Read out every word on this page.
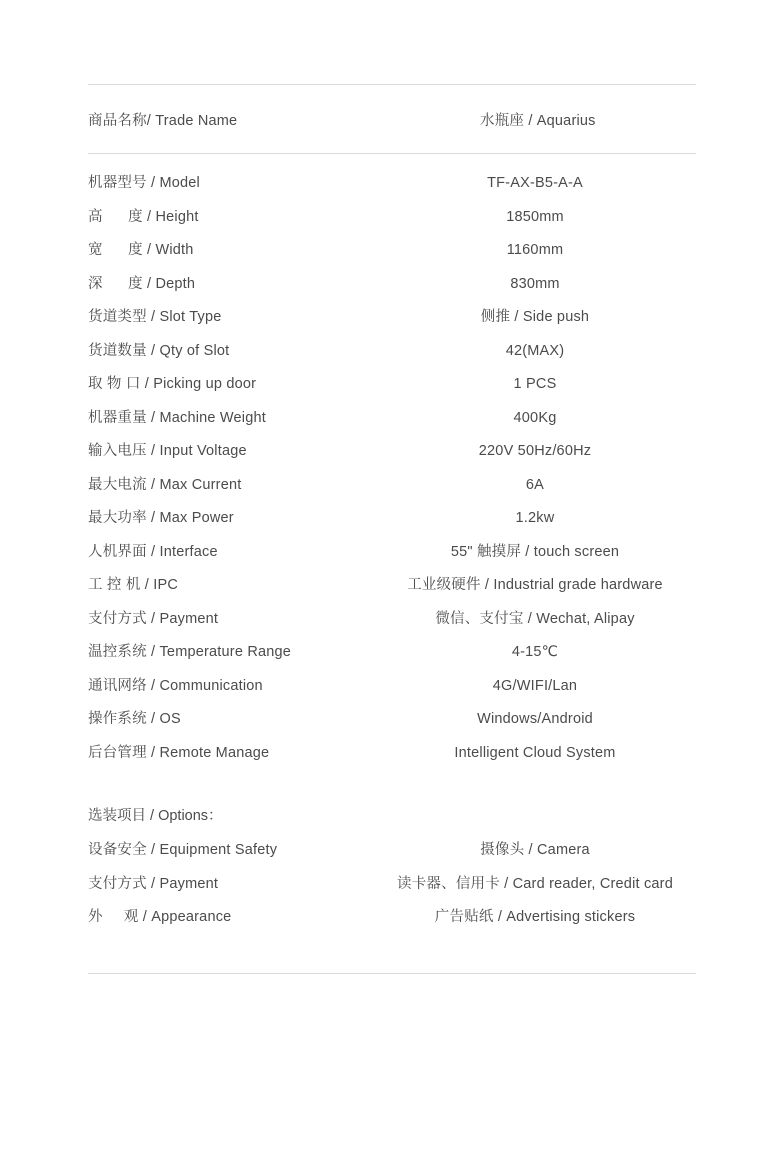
商品名称/ Trade Name	水瓶座 / Aquarius
机器型号 / Model	TF-AX-B5-A-A
高      度 / Height	1850mm
宽      度 / Width	1160mm
深      度 / Depth	830mm
货道类型 / Slot Type	侧推 / Side push
货道数量 / Qty of Slot	42(MAX)
取 物 口 / Picking up door	1 PCS
机器重量 / Machine Weight	400Kg
输入电压 / Input Voltage	220V 50Hz/60Hz
最大电流 / Max Current	6A
最大功率 / Max Power	1.2kw
人机界面 / Interface	55" 触摸屏 / touch screen
工 控 机 / IPC	工业级硬件 / Industrial grade hardware
支付方式 / Payment	微信、支付宝 / Wechat, Alipay
温控系统 / Temperature Range	4-15℃
通讯网络 / Communication	4G/WIFI/Lan
操作系统 / OS	Windows/Android
后台管理 / Remote Manage	Intelligent Cloud System
选装项目 / Options：
设备安全 / Equipment Safety	摄像头 / Camera
支付方式 / Payment	读卡器、信用卡 / Card reader, Credit card
外     观 / Appearance	广告贴纸 / Advertising stickers
